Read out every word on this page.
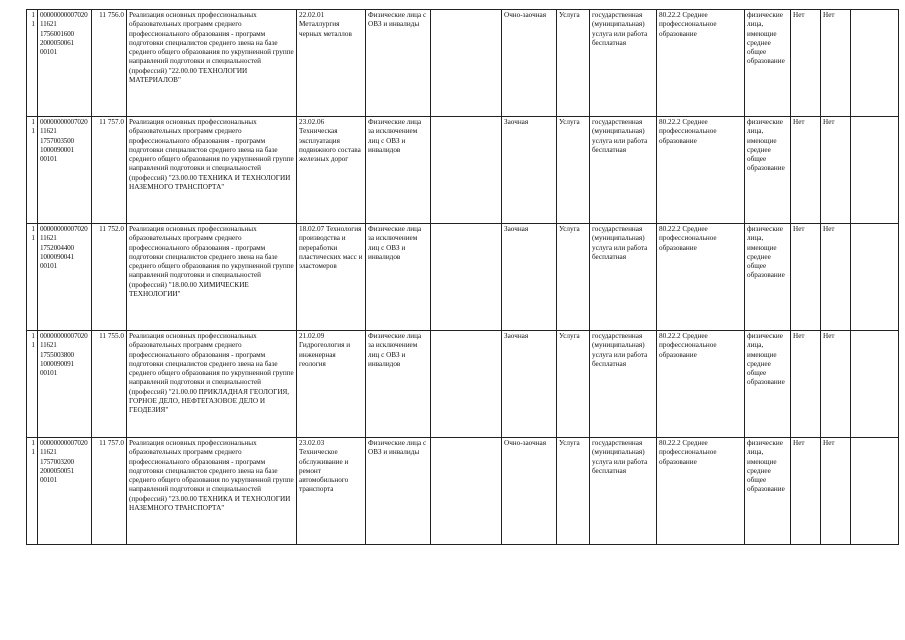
11	0000000000702011621 1756001600 2000050061 00101	11 756.0	Реализация основных профессиональных образовательных программ среднего профессионального образования - программ подготовки специалистов среднего звена на базе среднего общего образования по укрупненной группе направлений подготовки и специальностей (профессий) "22.00.00 ТЕХНОЛОГИИ МАТЕРИАЛОВ"	22.02.01 Металлургия черных металлов	Физические лица с ОВЗ и инвалиды		Очно-заочная	Услуга	государственная (муниципальная) услуга или работа бесплатная	80.22.2 Среднее профессиональное образование	физические лица, имеющие среднее общее образование	Нет	Нет	
11	0000000000702011621 1757003500 1000090001 00101	11 757.0	Реализация основных профессиональных образовательных программ среднего профессионального образования - программ подготовки специалистов среднего звена на базе среднего общего образования по укрупненной группе направлений подготовки и специальностей (профессий) "23.00.00 ТЕХНИКА И ТЕХНОЛОГИИ НАЗЕМНОГО ТРАНСПОРТА"	23.02.06 Техническая эксплуатация подвижного состава железных дорог	Физические лица за исключением лиц с ОВЗ и инвалидов		Заочная	Услуга	государственная (муниципальная) услуга или работа бесплатная	80.22.2 Среднее профессиональное образование	физические лица, имеющие среднее общее образование	Нет	Нет	
11	0000000000702011621 1752004400 1000090041 00101	11 752.0	Реализация основных профессиональных образовательных программ среднего профессионального образования - программ подготовки специалистов среднего звена на базе среднего общего образования по укрупненной группе направлений подготовки и специальностей (профессий) "18.00.00 ХИМИЧЕСКИЕ ТЕХНОЛОГИИ"	18.02.07 Технология производства и переработки пластических масс и эластомеров	Физические лица за исключением лиц с ОВЗ и инвалидов		Заочная	Услуга	государственная (муниципальная) услуга или работа бесплатная	80.22.2 Среднее профессиональное образование	физические лица, имеющие среднее общее образование	Нет	Нет	
11	0000000000702011621 1755003800 1000090091 00101	11 755.0	Реализация основных профессиональных образовательных программ среднего профессионального образования - программ подготовки специалистов среднего звена на базе среднего общего образования по укрупненной группе направлений подготовки и специальностей (профессий) "21.00.00 ПРИКЛАДНАЯ ГЕОЛОГИЯ, ГОРНОЕ ДЕЛО, НЕФТЕГАЗОВОЕ ДЕЛО И ГЕОДЕЗИЯ"	21.02.09 Гидрогеология и инженерная геология	Физические лица за исключением лиц с ОВЗ и инвалидов		Заочная	Услуга	государственная (муниципальная) услуга или работа бесплатная	80.22.2 Среднее профессиональное образование	физические лица, имеющие среднее общее образование	Нет	Нет	
11	0000000000702011621 1757003200 2000050051 00101	11 757.0	Реализация основных профессиональных образовательных программ среднего профессионального образования - программ подготовки специалистов среднего звена на базе среднего общего образования по укрупненной группе направлений подготовки и специальностей (профессий) "23.00.00 ТЕХНИКА И ТЕХНОЛОГИИ НАЗЕМНОГО ТРАНСПОРТА"	23.02.03 Техническое обслуживание и ремонт автомобильного транспорта	Физические лица с ОВЗ и инвалиды		Очно-заочная	Услуга	государственная (муниципальная) услуга или работа бесплатная	80.22.2 Среднее профессиональное образование	физические лица, имеющие среднее общее образование	Нет	Нет	
